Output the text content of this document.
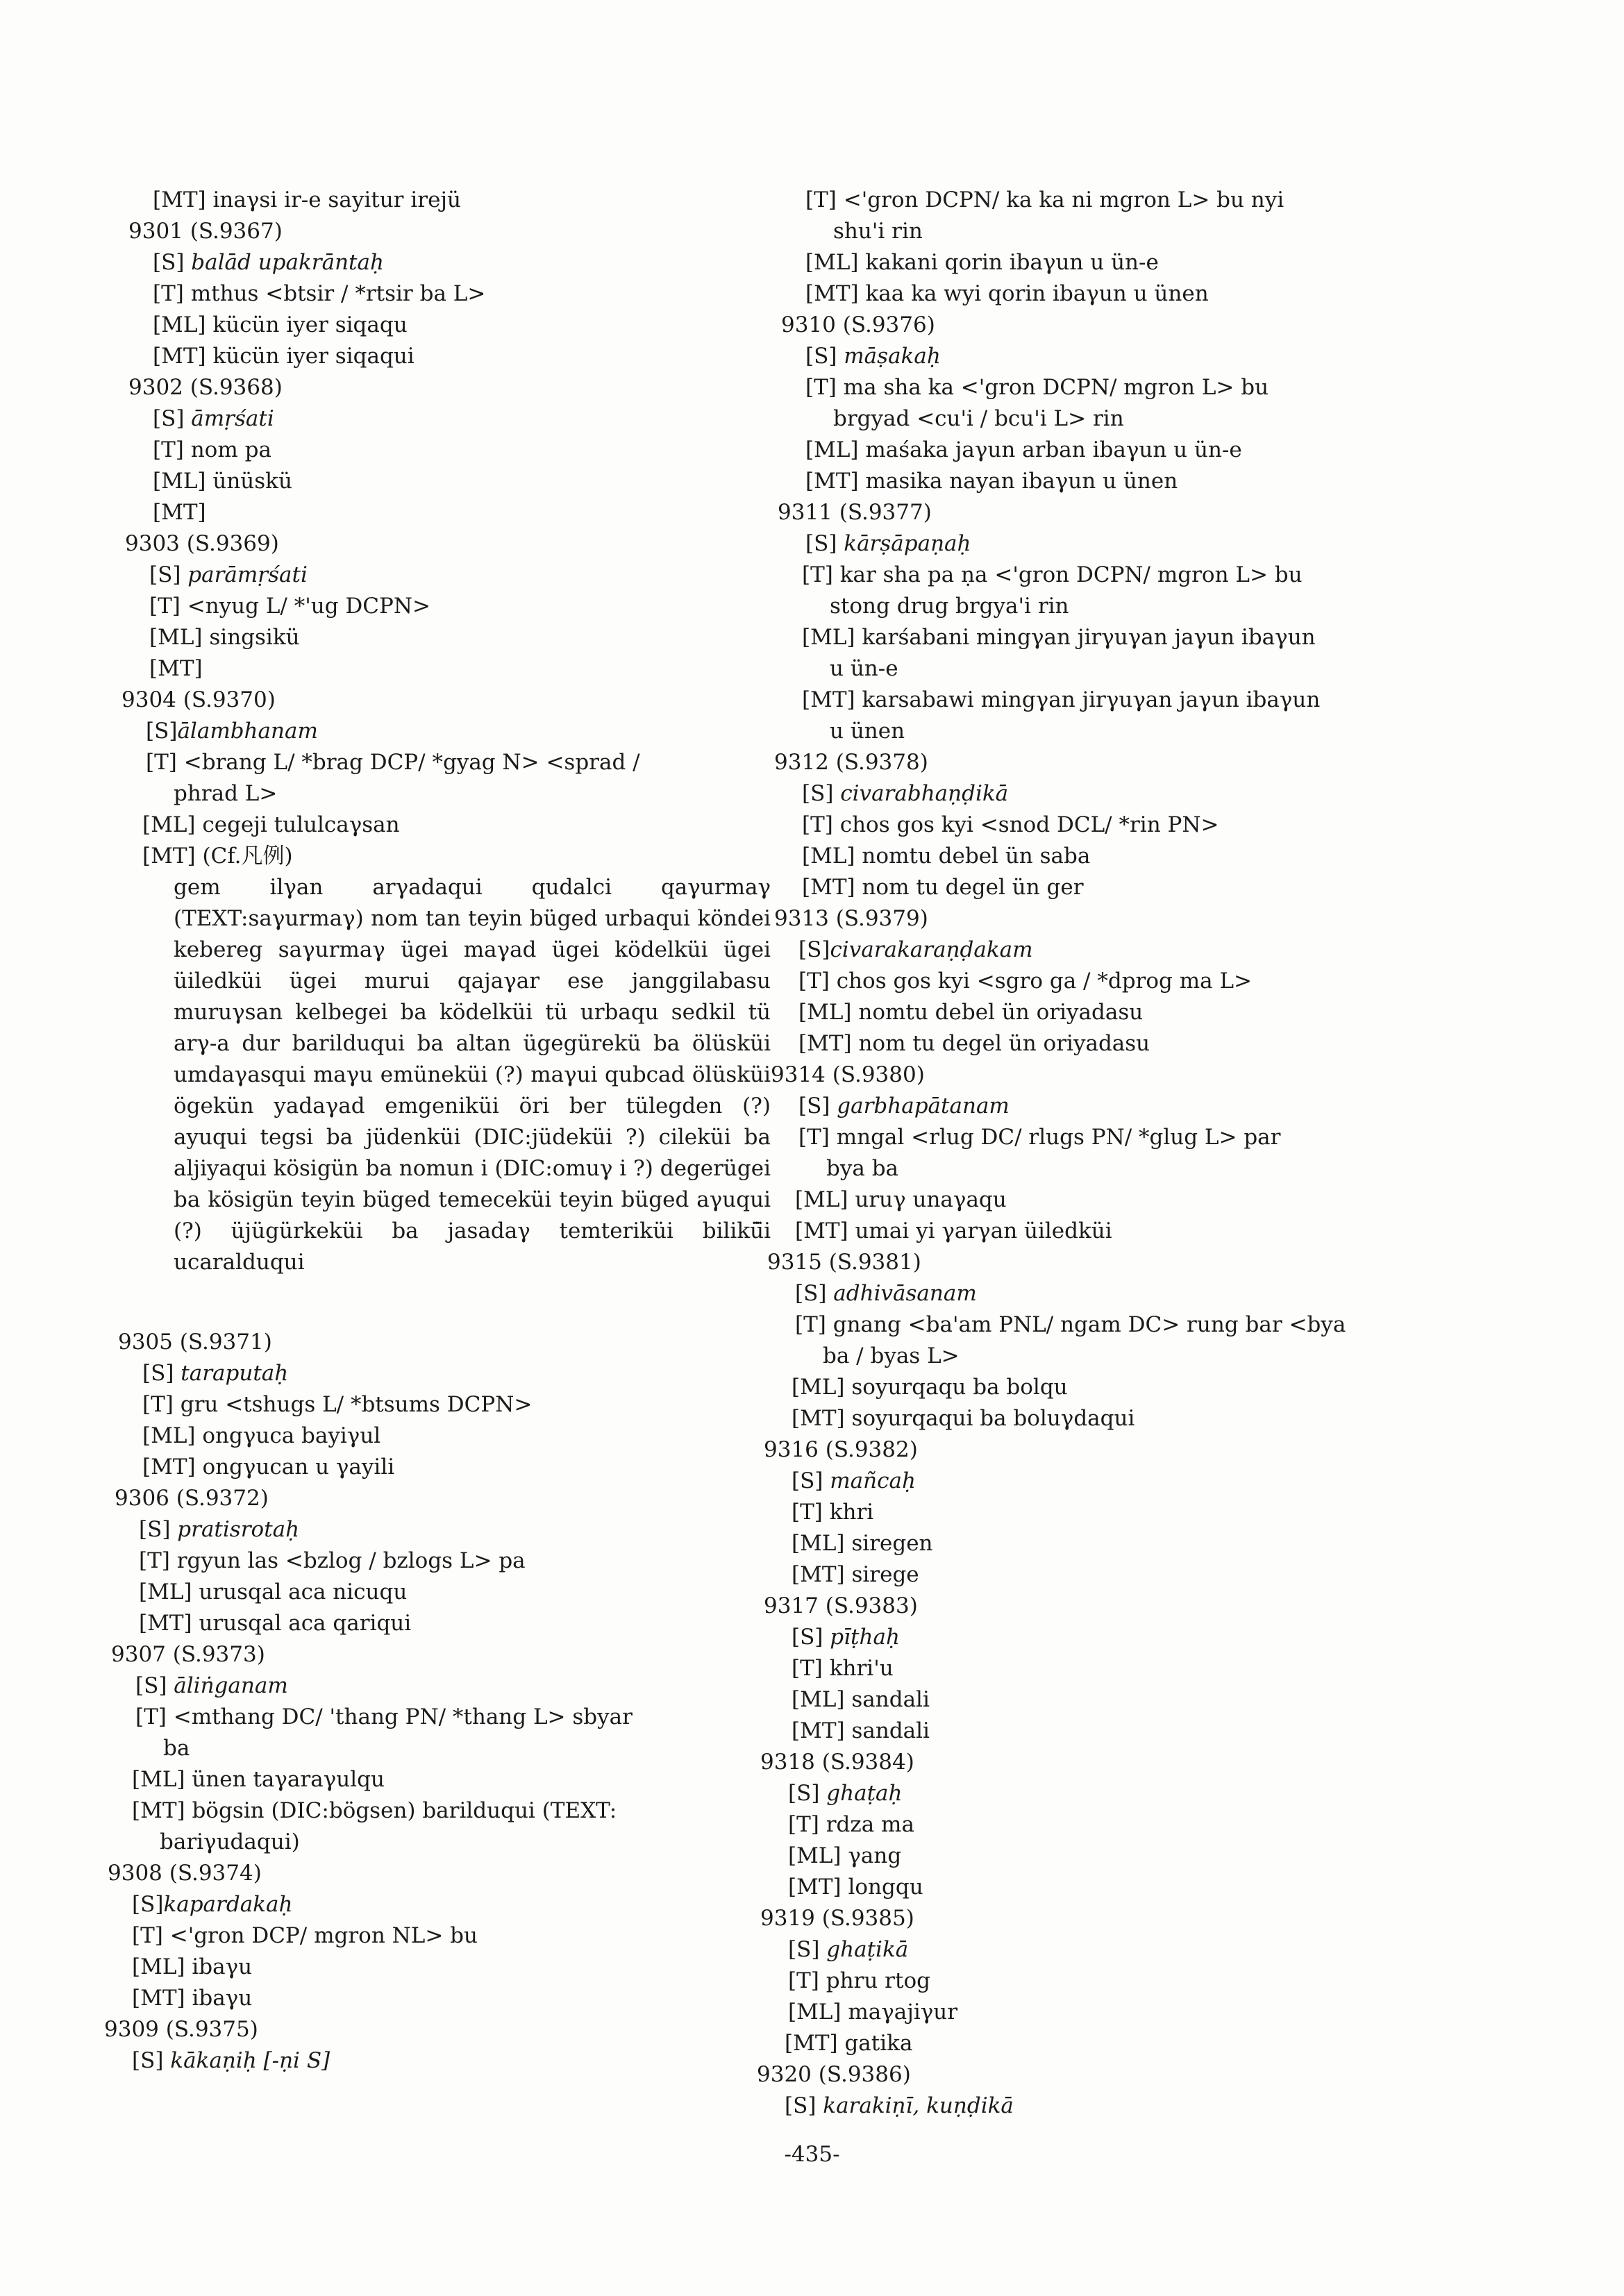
[MT] inaγsi ir-e sayitur irejü
9301 (S.9367)
[S] balād upakrāntaḥ
[T] mthus <btsir / *rtsir ba L>
[ML] kücün iyer siqaqu
[MT] kücün iyer siqaqui
9302 (S.9368)
[S] āmṛśati
[T] nom pa
[ML] ünüskü
[MT]
9303 (S.9369)
[S] parāmṛśati
[T] <nyug L/ *'ug DCPN>
[ML] singsikü
[MT]
9304 (S.9370)
[S]ālambhanam
[T] <brang L/ *brag DCP/ *gyag N> <sprad /
phrad L>
[ML] cegeji tululcaγsan
[MT] (Cf.凡例)
gem ilγan arγadaqui qudalci qaγurmaγ (TEXT:saγurmaγ) nom tan teyin büged urbaqui köndei kebereg saγurmaγ ügei maγad ügei ködelküi ügei üiledküi ügei murui qajaγar ese janggilabasu muruγsan kelbegei ba ködelküi tü urbaqu sedkil tü arγ-a dur barilduqui ba altan ügegürekü ba ölüsküi umdaγasqui maγu emüneküi (?) maγui qubcad ölüsküi ögekün yadaγad emgeniküi öri ber tülegden (?) ayuqui tegsi ba jüdenküi (DIC:jüdeküi ?) cileküi ba aljiyaqui kösigün ba nomun i (DIC:omuγ i ?) degerügei ba kösigün teyin büged temeceküi teyin büged aγuqui (?) üjügürkeküi ba jasadaγ temteriküi bilikü̈i ucaralduqui
9305 (S.9371)
[S] taraputaḥ
[T] gru <tshugs L/ *btsums DCPN>
[ML] ongγuca bayiγul
[MT] ongγucan u γayili
9306 (S.9372)
[S] pratisrotaḥ
[T] rgyun las <bzlog / bzlogs L> pa
[ML] urusqal aca nicuqu
[MT] urusqal aca qariqui
9307 (S.9373)
[S] āliṅganam
[T] <mthang DC/ 'thang PN/ *thang L> sbyar
ba
[ML] ünen taγaraγulqu
[MT] bögsin (DIC:bögsen) barilduqui (TEXT:
bariγudaqui)
9308 (S.9374)
[S]kapardakaḥ
[T] <'gron DCP/ mgron NL> bu
[ML] ibaγu
[MT] ibaγu
9309 (S.9375)
[S] kākaṇiḥ [-ṇi S]
[T] <'gron DCPN/ ka ka ni mgron L> bu nyi
shu'i rin
[ML] kakani qorin ibaγun u ün-e
[MT] kaa ka wyi qorin ibaγun u ünen
9310 (S.9376)
[S] māṣakaḥ
[T] ma sha ka <'gron DCPN/ mgron L> bu
brgyad <cu'i / bcu'i L> rin
[ML] maśaka jaγun arban ibaγun u ün-e
[MT] masika nayan ibaγun u ünen
9311 (S.9377)
[S] kārṣāpaṇaḥ
[T] kar sha pa ṇa <'gron DCPN/ mgron L> bu
stong drug brgya'i rin
[ML] karśabani mingγan jirγuγan jaγun ibaγun
u ün-e
[MT] karsabawi mingγan jirγuγan jaγun ibaγun
u ünen
9312 (S.9378)
[S] civarabhaṇḍikā
[T] chos gos kyi <snod DCL/ *rin PN>
[ML] nomtu debel ün saba
[MT] nom tu degel ün ger
9313 (S.9379)
[S]civarakaraṇḍakam
[T] chos gos kyi <sgro ga / *dprog ma L>
[ML] nomtu debel ün oriyadasu
[MT] nom tu degel ün oriyadasu
9314 (S.9380)
[S] garbhapātanam
[T] mngal <rlug DC/ rlugs PN/ *glug L> par
bya ba
[ML] uruγ unaγaqu
[MT] umai yi γarγan üiledküi
9315 (S.9381)
[S] adhivāsanam
[T] gnang <ba'am PNL/ ngam DC> rung bar <bya
ba / byas L>
[ML] soyurqaqu ba bolqu
[MT] soyurqaqui ba boluγdaqui
9316 (S.9382)
[S] mañcaḥ
[T] khri
[ML] siregen
[MT] sirege
9317 (S.9383)
[S] pīṭhaḥ
[T] khri'u
[ML] sandali
[MT] sandali
9318 (S.9384)
[S] ghaṭaḥ
[T] rdza ma
[ML] γang
[MT] longqu
9319 (S.9385)
[S] ghaṭikā
[T] phru rtog
[ML] maγajiγur
[MT] gatika
9320 (S.9386)
[S] karakiṇī, kuṇḍikā
-435-
